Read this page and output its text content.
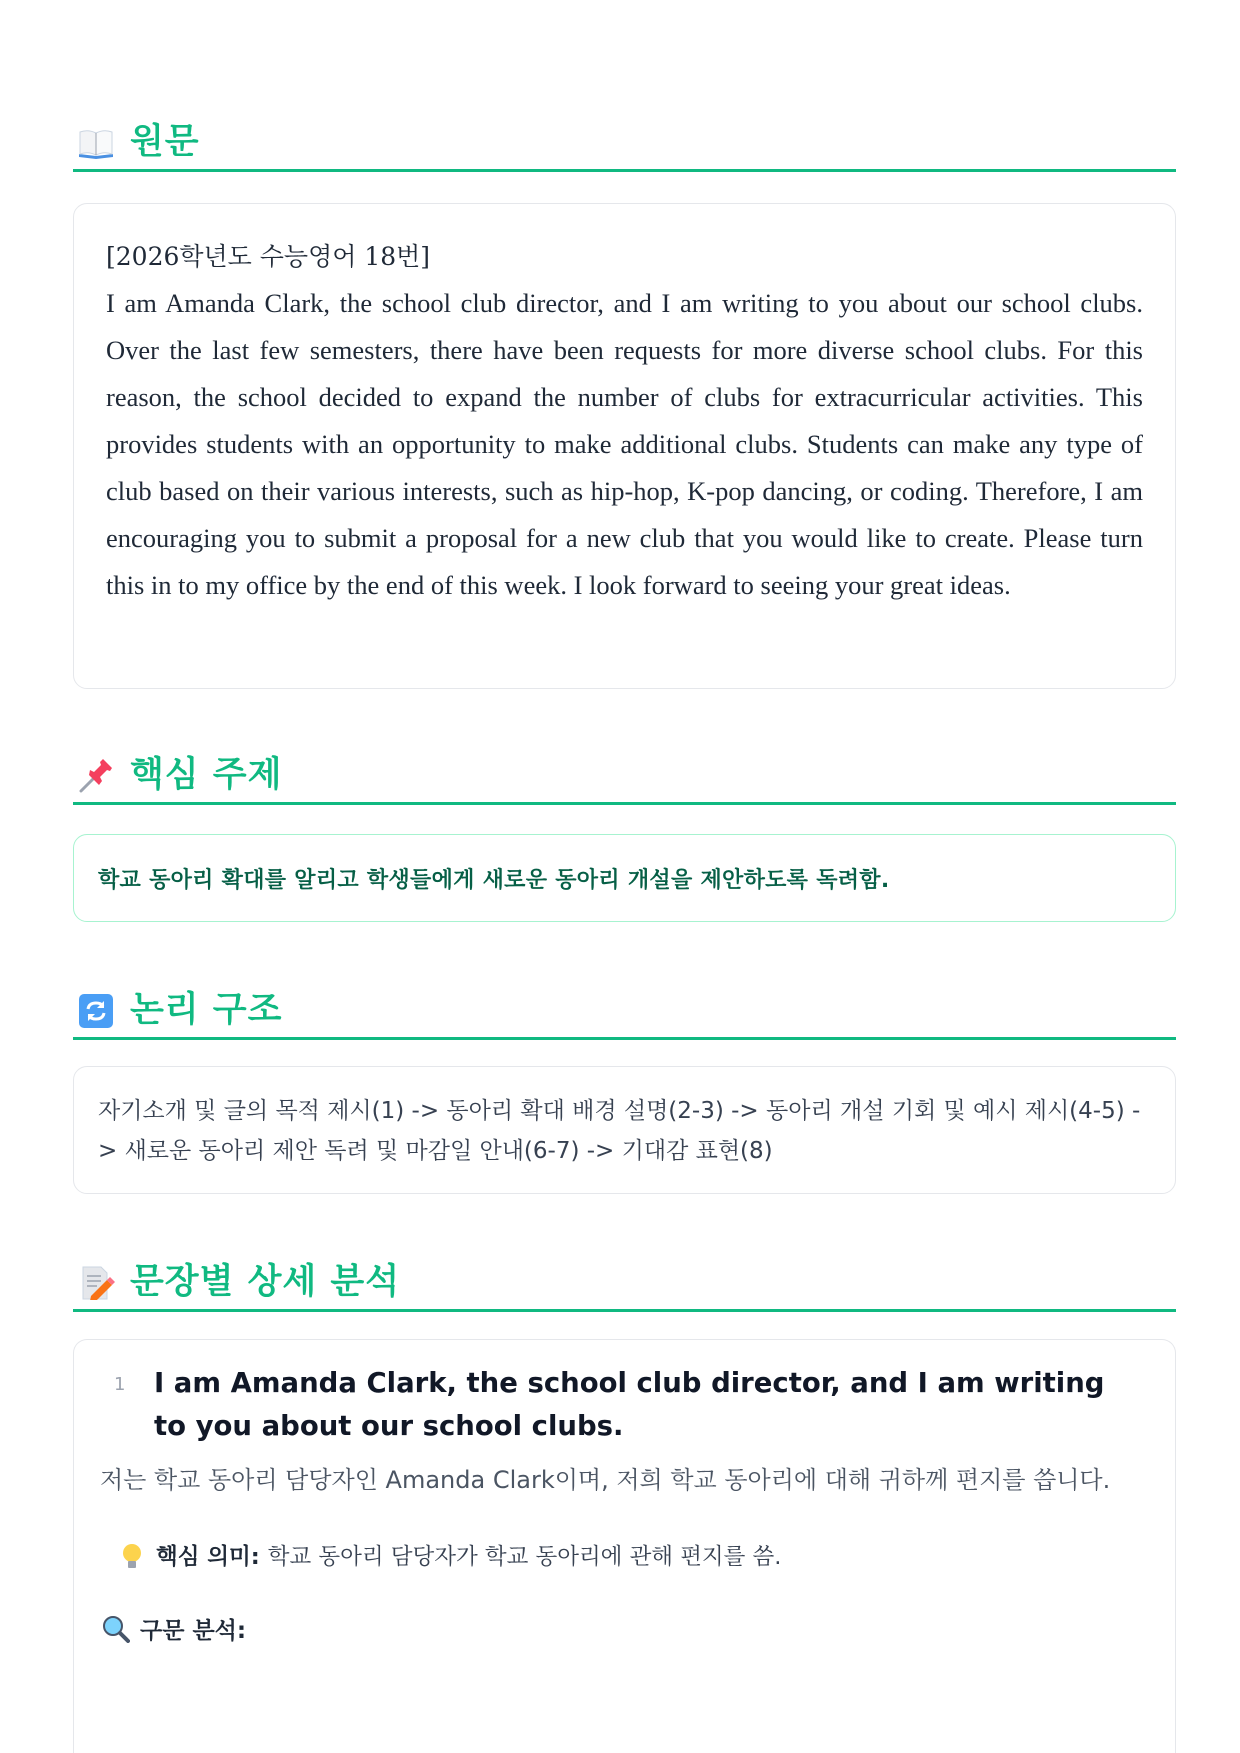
원문
[2026학년도 수능영어 18번]
I am Amanda Clark, the school club director, and I am writing to you about our school clubs. Over the last few semesters, there have been requests for more diverse school clubs. For this reason, the school decided to expand the number of clubs for extracurricular activities. This provides students with an opportunity to make additional clubs. Students can make any type of club based on their various interests, such as hip-hop, K-pop dancing, or coding. Therefore, I am encouraging you to submit a proposal for a new club that you would like to create. Please turn this in to my office by the end of this week. I look forward to seeing your great ideas.
핵심 주제
학교 동아리 확대를 알리고 학생들에게 새로운 동아리 개설을 제안하도록 독려함.
논리 구조
자기소개 및 글의 목적 제시(1) -> 동아리 확대 배경 설명(2-3) -> 동아리 개설 기회 및 예시 제시(4-5) -> 새로운 동아리 제안 독려 및 마감일 안내(6-7) -> 기대감 표현(8)
문장별 상세 분석
1 I am Amanda Clark, the school club director, and I am writing to you about our school clubs.
저는 학교 동아리 담당자인 Amanda Clark이며, 저희 학교 동아리에 대해 귀하께 편지를 씁니다.
핵심 의미: 학교 동아리 담당자가 학교 동아리에 관해 편지를 씀.
구문 분석:
